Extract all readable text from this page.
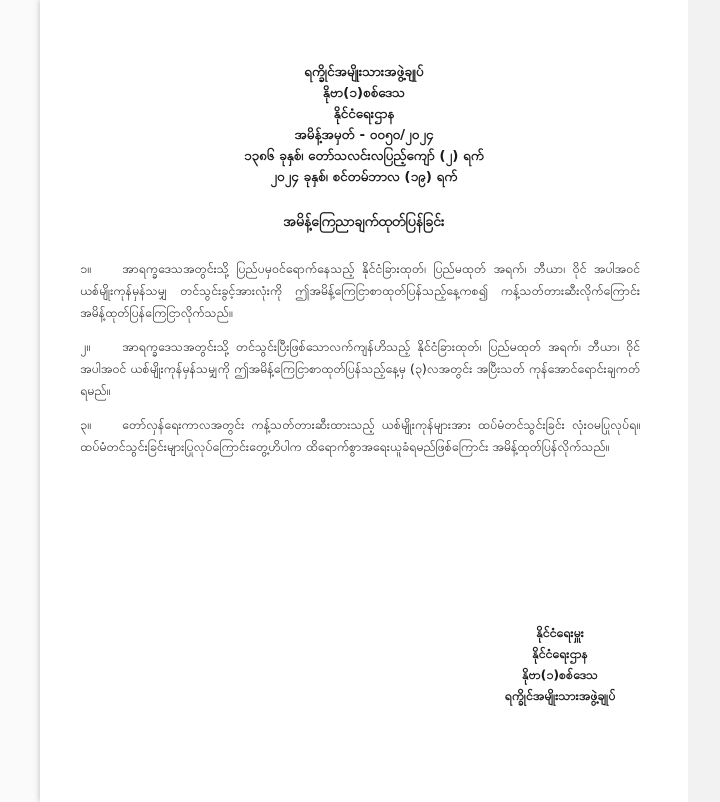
ရက္ခိုင်အမျိုးသားအဖွဲ့ချုပ်
နိုဗာ(၁)စစ်ဒေသ
နိုင်ငံရေးဌာန
အမိန့်အမှတ် - ၀၀၅၀/၂၀၂၄
၁၃၈၆ ခုနှစ်၊ တော်သလင်းလပြည့်ကျော် (၂) ရက်
၂၀၂၄ ခုနှစ်၊ စင်တမ်ဘာလ (၁၉) ရက်
အမိန့်ကြေညာချက်ထုတ်ပြန်ခြင်း
၁။ အာရက္ခဒေသအတွင်းသို့ ပြည်ပမှဝင်ရောက်နေသည့် နိုင်ငံခြားထုတ်၊ ပြည်မထုတ် အရက်၊ ဘီယာ၊ ဝိုင် အပါအဝင် ယစ်မျိုးကုန်မှန်သမျှ တင်သွင်းခွင့်အားလုံးကို ဤအမိန့်ကြေငြာစာထုတ်ပြန်သည့်နေ့ကစ၍ ကန့်သတ်တားဆီးလိုက်ကြောင်း အမိန့်ထုတ်ပြန်ကြေငြာလိုက်သည်။
၂။	အာရက္ခဒေသအတွင်းသို့ တင်သွင်းပြီးဖြစ်သောလက်ကျန်ဟိသည့် နိုင်ငံခြားထုတ်၊ ပြည်မထုတ် အရက်၊ ဘီယာ၊ ဝိုင် အပါအဝင် ယစ်မျိုးကုန်မှန်သမျှကို ဤအမိန့်ကြေငြာစာထုတ်ပြန်သည့်နေ့မှ (၃)လအတွင်း အပြီးသတ် ကုန်အောင်ရောင်းချကတ်ရမည်။
၃။ တော်လှန်ရေးကာလအတွင်း ကန့်သတ်တားဆီးထားသည့် ယစ်မျိုးကုန်များအား ထပ်မံတင်သွင်းခြင်း လုံးဝမပြုလုပ်ရ။ ထပ်မံတင်သွင်းခြင်းများပြုလုပ်ကြောင်းတွေ့ဟိပါက ထိရောက်စွာအရေးယူခံရမည်ဖြစ်ကြောင်း အမိန့်ထုတ်ပြန်လိုက်သည်။
နိုင်ငံရေးမှူး
နိုင်ငံရေးဌာန
နိုဗာ(၁)စစ်ဒေသ
ရက္ခိုင်အမျိုးသားအဖွဲ့ချုပ်
